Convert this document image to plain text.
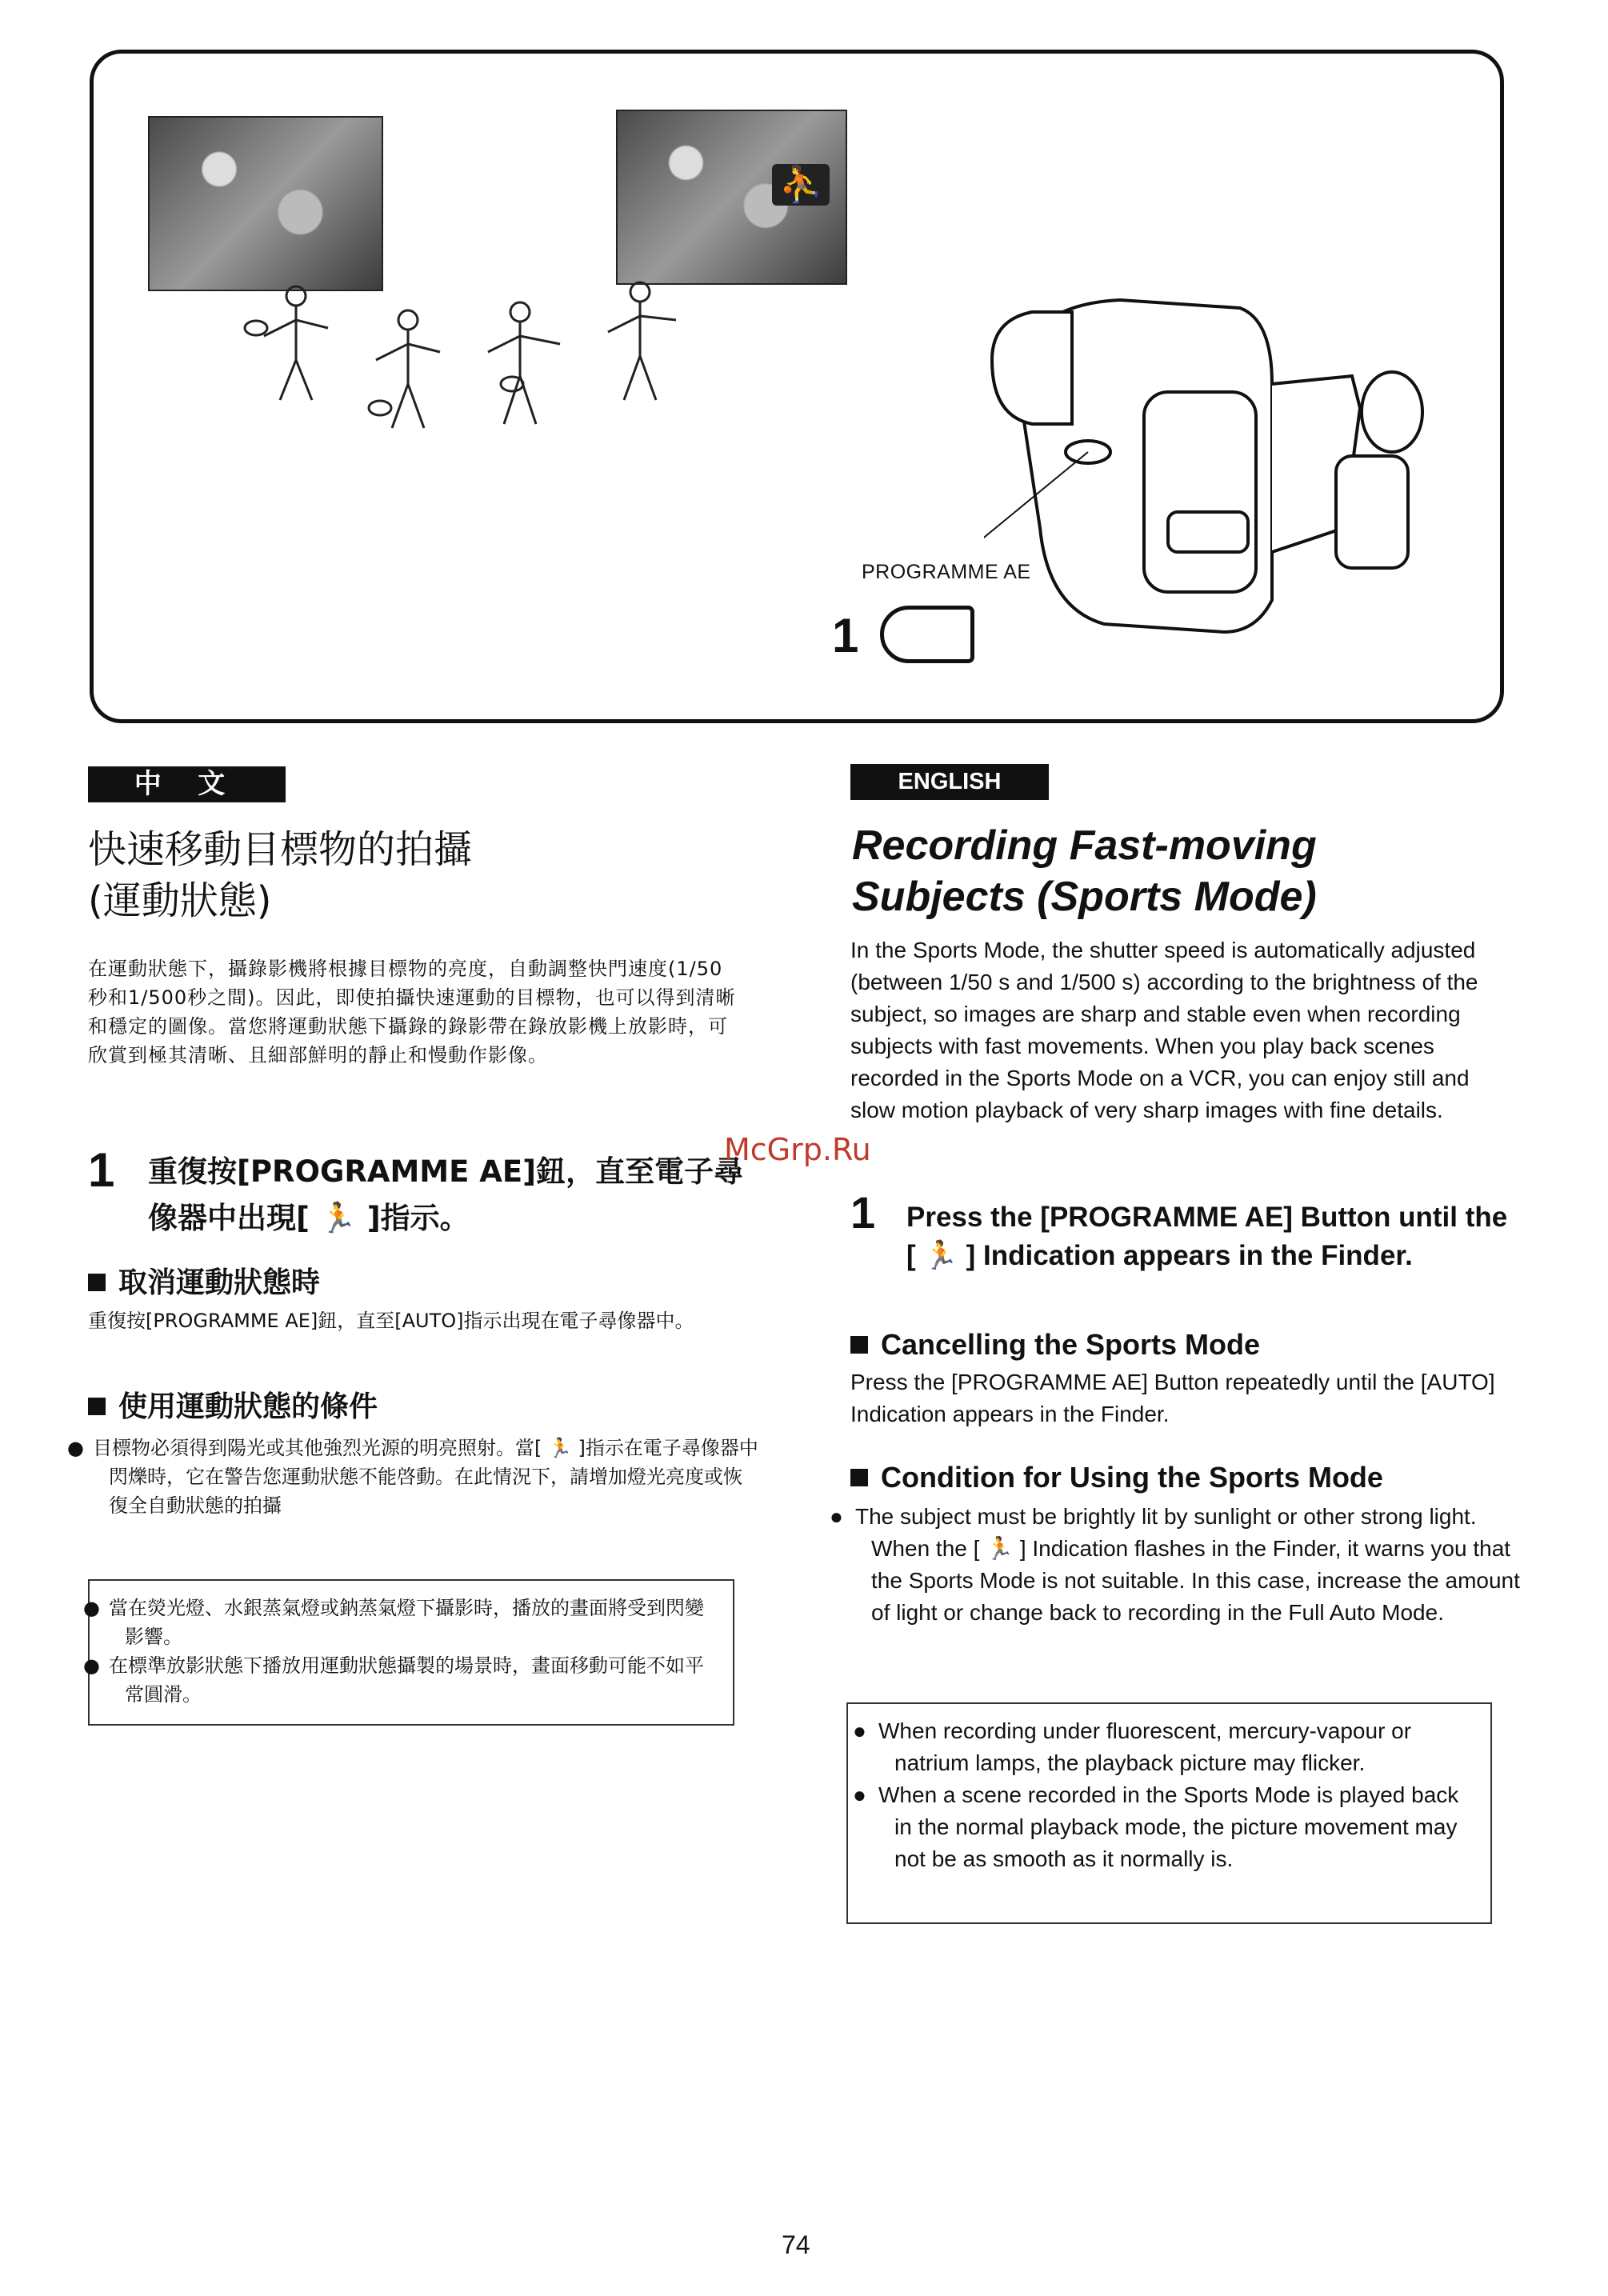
⛹
PROGRAMME AE
1
中 文
快速移動目標物的拍攝
(運動狀態)
在運動狀態下，攝錄影機將根據目標物的亮度，自動調整快門速度(1/50秒和1/500秒之間)。因此，即使拍攝快速運動的目標物，也可以得到清晰和穩定的圖像。當您將運動狀態下攝錄的錄影帶在錄放影機上放影時，可欣賞到極其清晰、且細部鮮明的靜止和慢動作影像。
1 重復按[PROGRAMME AE]鈕，直至電子尋像器中出現[ 🏃 ]指示。
取消運動狀態時
重復按[PROGRAMME AE]鈕，直至[AUTO]指示出現在電子尋像器中。
使用運動狀態的條件
● 目標物必須得到陽光或其他強烈光源的明亮照射。當[ 🏃 ]指示在電子尋像器中閃爍時，它在警告您運動狀態不能啓動。在此情況下，請增加燈光亮度或恢復全自動狀態的拍攝
● 當在熒光燈、水銀蒸氣燈或鈉蒸氣燈下攝影時，播放的畫面將受到閃變影響。
● 在標準放影狀態下播放用運動狀態攝製的場景時，畫面移動可能不如平常圓滑。
ENGLISH
Recording Fast-moving
Subjects (Sports Mode)
In the Sports Mode, the shutter speed is automatically adjusted (between 1/50 s and 1/500 s) according to the brightness of the subject, so images are sharp and stable even when recording subjects with fast movements. When you play back scenes recorded in the Sports Mode on a VCR, you can enjoy still and slow motion playback of very sharp images with fine details.
1 Press the [PROGRAMME AE] Button until the [ 🏃 ] Indication appears in the Finder.
Cancelling the Sports Mode
Press the [PROGRAMME AE] Button repeatedly until the [AUTO] Indication appears in the Finder.
Condition for Using the Sports Mode
● The subject must be brightly lit by sunlight or other strong light. When the [ 🏃 ] Indication flashes in the Finder, it warns you that the Sports Mode is not suitable. In this case, increase the amount of light or change back to recording in the Full Auto Mode.
● When recording under fluorescent, mercury-vapour or natrium lamps, the playback picture may flicker.
● When a scene recorded in the Sports Mode is played back in the normal playback mode, the picture movement may not be as smooth as it normally is.
McGrp.Ru
74
